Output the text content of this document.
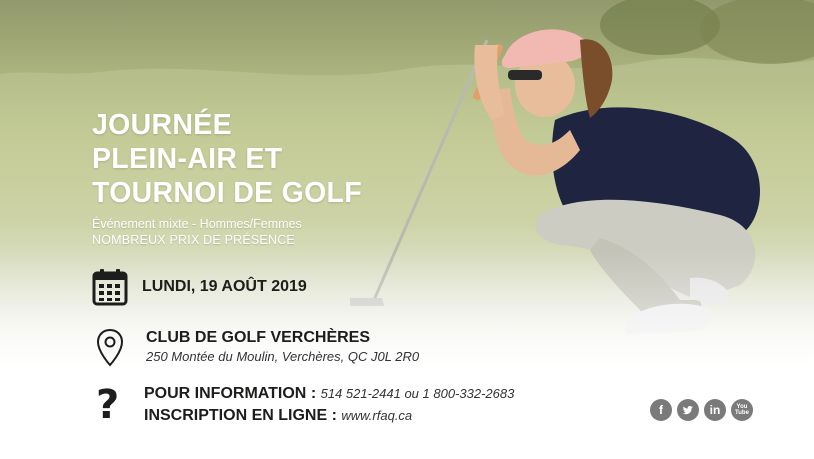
JOURNÉE
PLEIN-AIR ET
TOURNOI DE GOLF
Événement mixte - Hommes/Femmes
NOMBREUX PRIX DE PRÉSENCE
LUNDI, 19 AOÛT 2019
CLUB DE GOLF VERCHÈRES
250 Montée du Moulin, Verchères, QC J0L 2R0
?	POUR INFORMATION : 514 521-2441 ou 1 800-332-2683
INSCRIPTION EN LIGNE : www.rfaq.ca	f	in	You Tube
